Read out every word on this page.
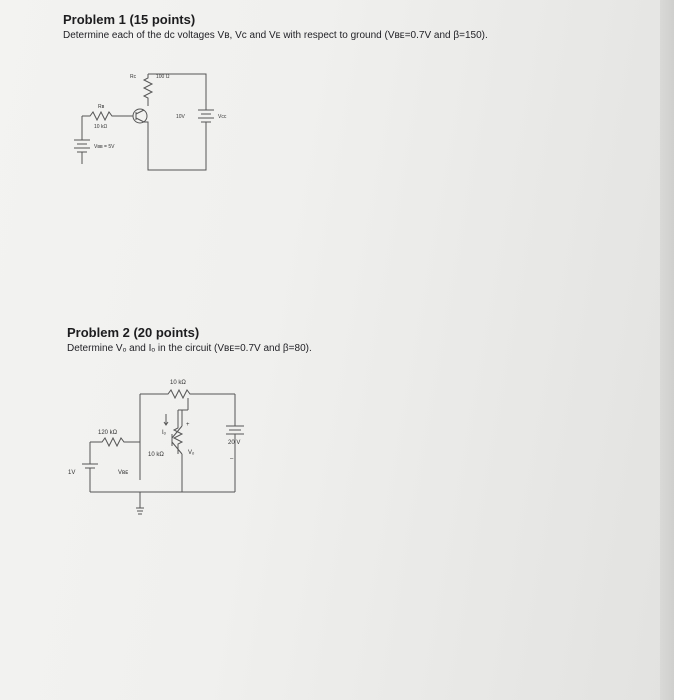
Problem 1 (15 points)
Determine each of the dc voltages Vʙ, Vᴄ and Vᴇ with respect to ground (Vʙᴇ=0.7V and β=150).
Rᴄ	100 Ω
Rʙ
10 kΩ
10V	Vᴄᴄ
Vʙʙ = 5V
Problem 2 (20 points)
Determine Vₒ and Iₒ in the circuit (Vʙᴇ=0.7V and β=80).
10 kΩ
120 kΩ
10 kΩ	Vₒ
Iₒ
20 V
1V	Vʙᴇ
+
–
